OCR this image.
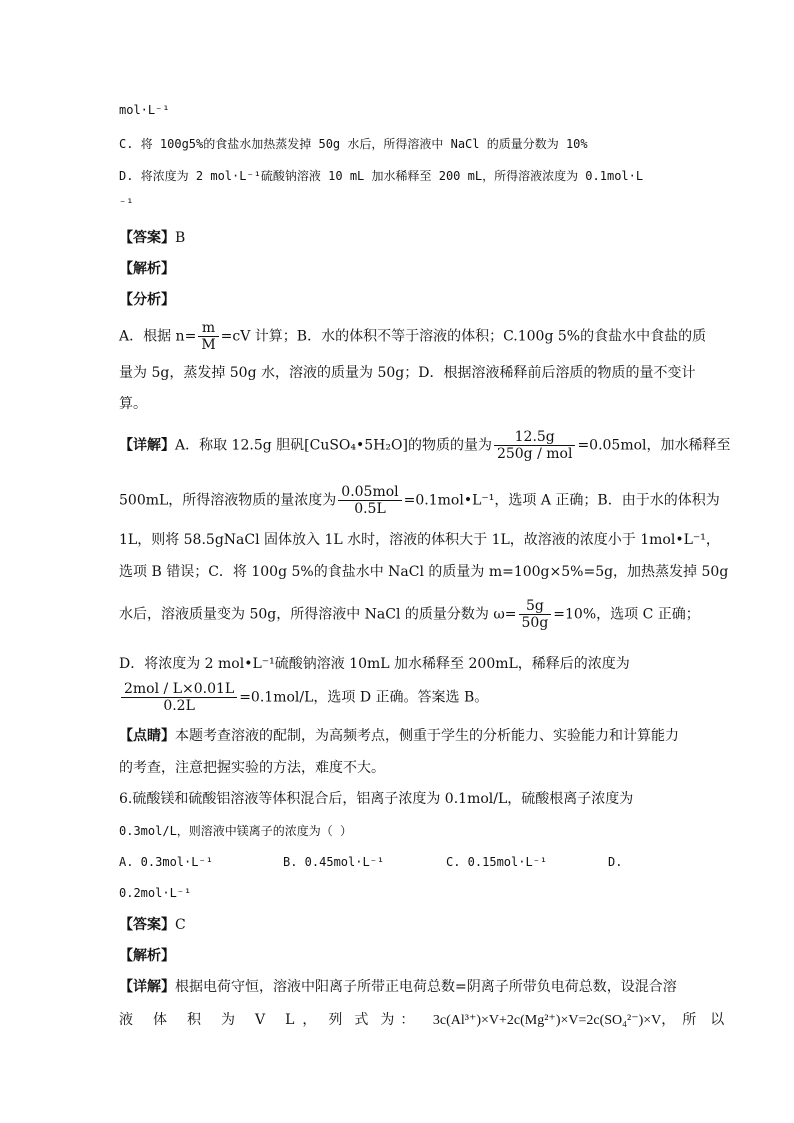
mol·L⁻¹
C. 将 100g5%的食盐水加热蒸发掉 50g 水后，所得溶液中 NaCl 的质量分数为 10%
D. 将浓度为 2 mol·L⁻¹硫酸钠溶液 10 mL 加水稀释至 200 mL，所得溶液浓度为 0.1mol·L
⁻¹
【答案】B
【解析】
【分析】
A．根据 $n= \frac{m}{M} =cV$ 计算；B．水的体积不等于溶液的体积；C.100g 5%的食盐水中食盐的质
量为 5g，蒸发掉 50g 水，溶液的质量为 50g；D．根据溶液稀释前后溶质的物质的量不变计
算。
【详解】A．称取 12.5g 胆矾[CuSO₄•5H₂O]的物质的量为 $\frac{12.5g}{\text{250g / mol}} =0.05mol$，加水稀释至
500mL，所得溶液物质的量浓度为 $\frac{\text{0.05mol}}{0.5L}$ =0.1mol•L⁻¹，选项 A 正确；B．由于水的体积为
1L，则将 58.5gNaCl 固体放入 1L 水时，溶液的体积大于 1L，故溶液的浓度小于 1mol•L⁻¹，
选项 B 错误；C．将 100g 5%的食盐水中 NaCl 的质量为 m=100g×5%=5g，加热蒸发掉 50g
水后，溶液质量变为 50g，所得溶液中 NaCl 的质量分数为 $\omega= \frac{5g}{50g} =10\%$，选项 C 正确；
D．将浓度为 2 mol•L⁻¹硫酸钠溶液 10mL 加水稀释至 200mL，稀释后的浓度为
$\frac{\text{2mol / L×0.01L}}{0.2L} =0.1mol/L$，选项 D 正确。答案选 B。
【点睛】本题考查溶液的配制，为高频考点，侧重于学生的分析能力、实验能力和计算能力
的考查，注意把握实验的方法，难度不大。
6.硫酸镁和硫酸铝溶液等体积混合后，铝离子浓度为 0.1mol/L，硫酸根离子浓度为
0.3mol/L，则溶液中镁离子的浓度为（ ）
A. 0.3mol·L⁻¹	B. 0.45mol·L⁻¹	C. 0.15mol·L⁻¹	D.
0.2mol·L⁻¹
【答案】C
【解析】
【详解】根据电荷守恒，溶液中阳离子所带正电荷总数=阴离子所带负电荷总数，设混合溶
液 体 积 为 V L ， 列 式 为 ： 3c(Al³⁺)×V+2c(Mg²⁺)×V=2c(SO₄²⁻)×V，　所　以
